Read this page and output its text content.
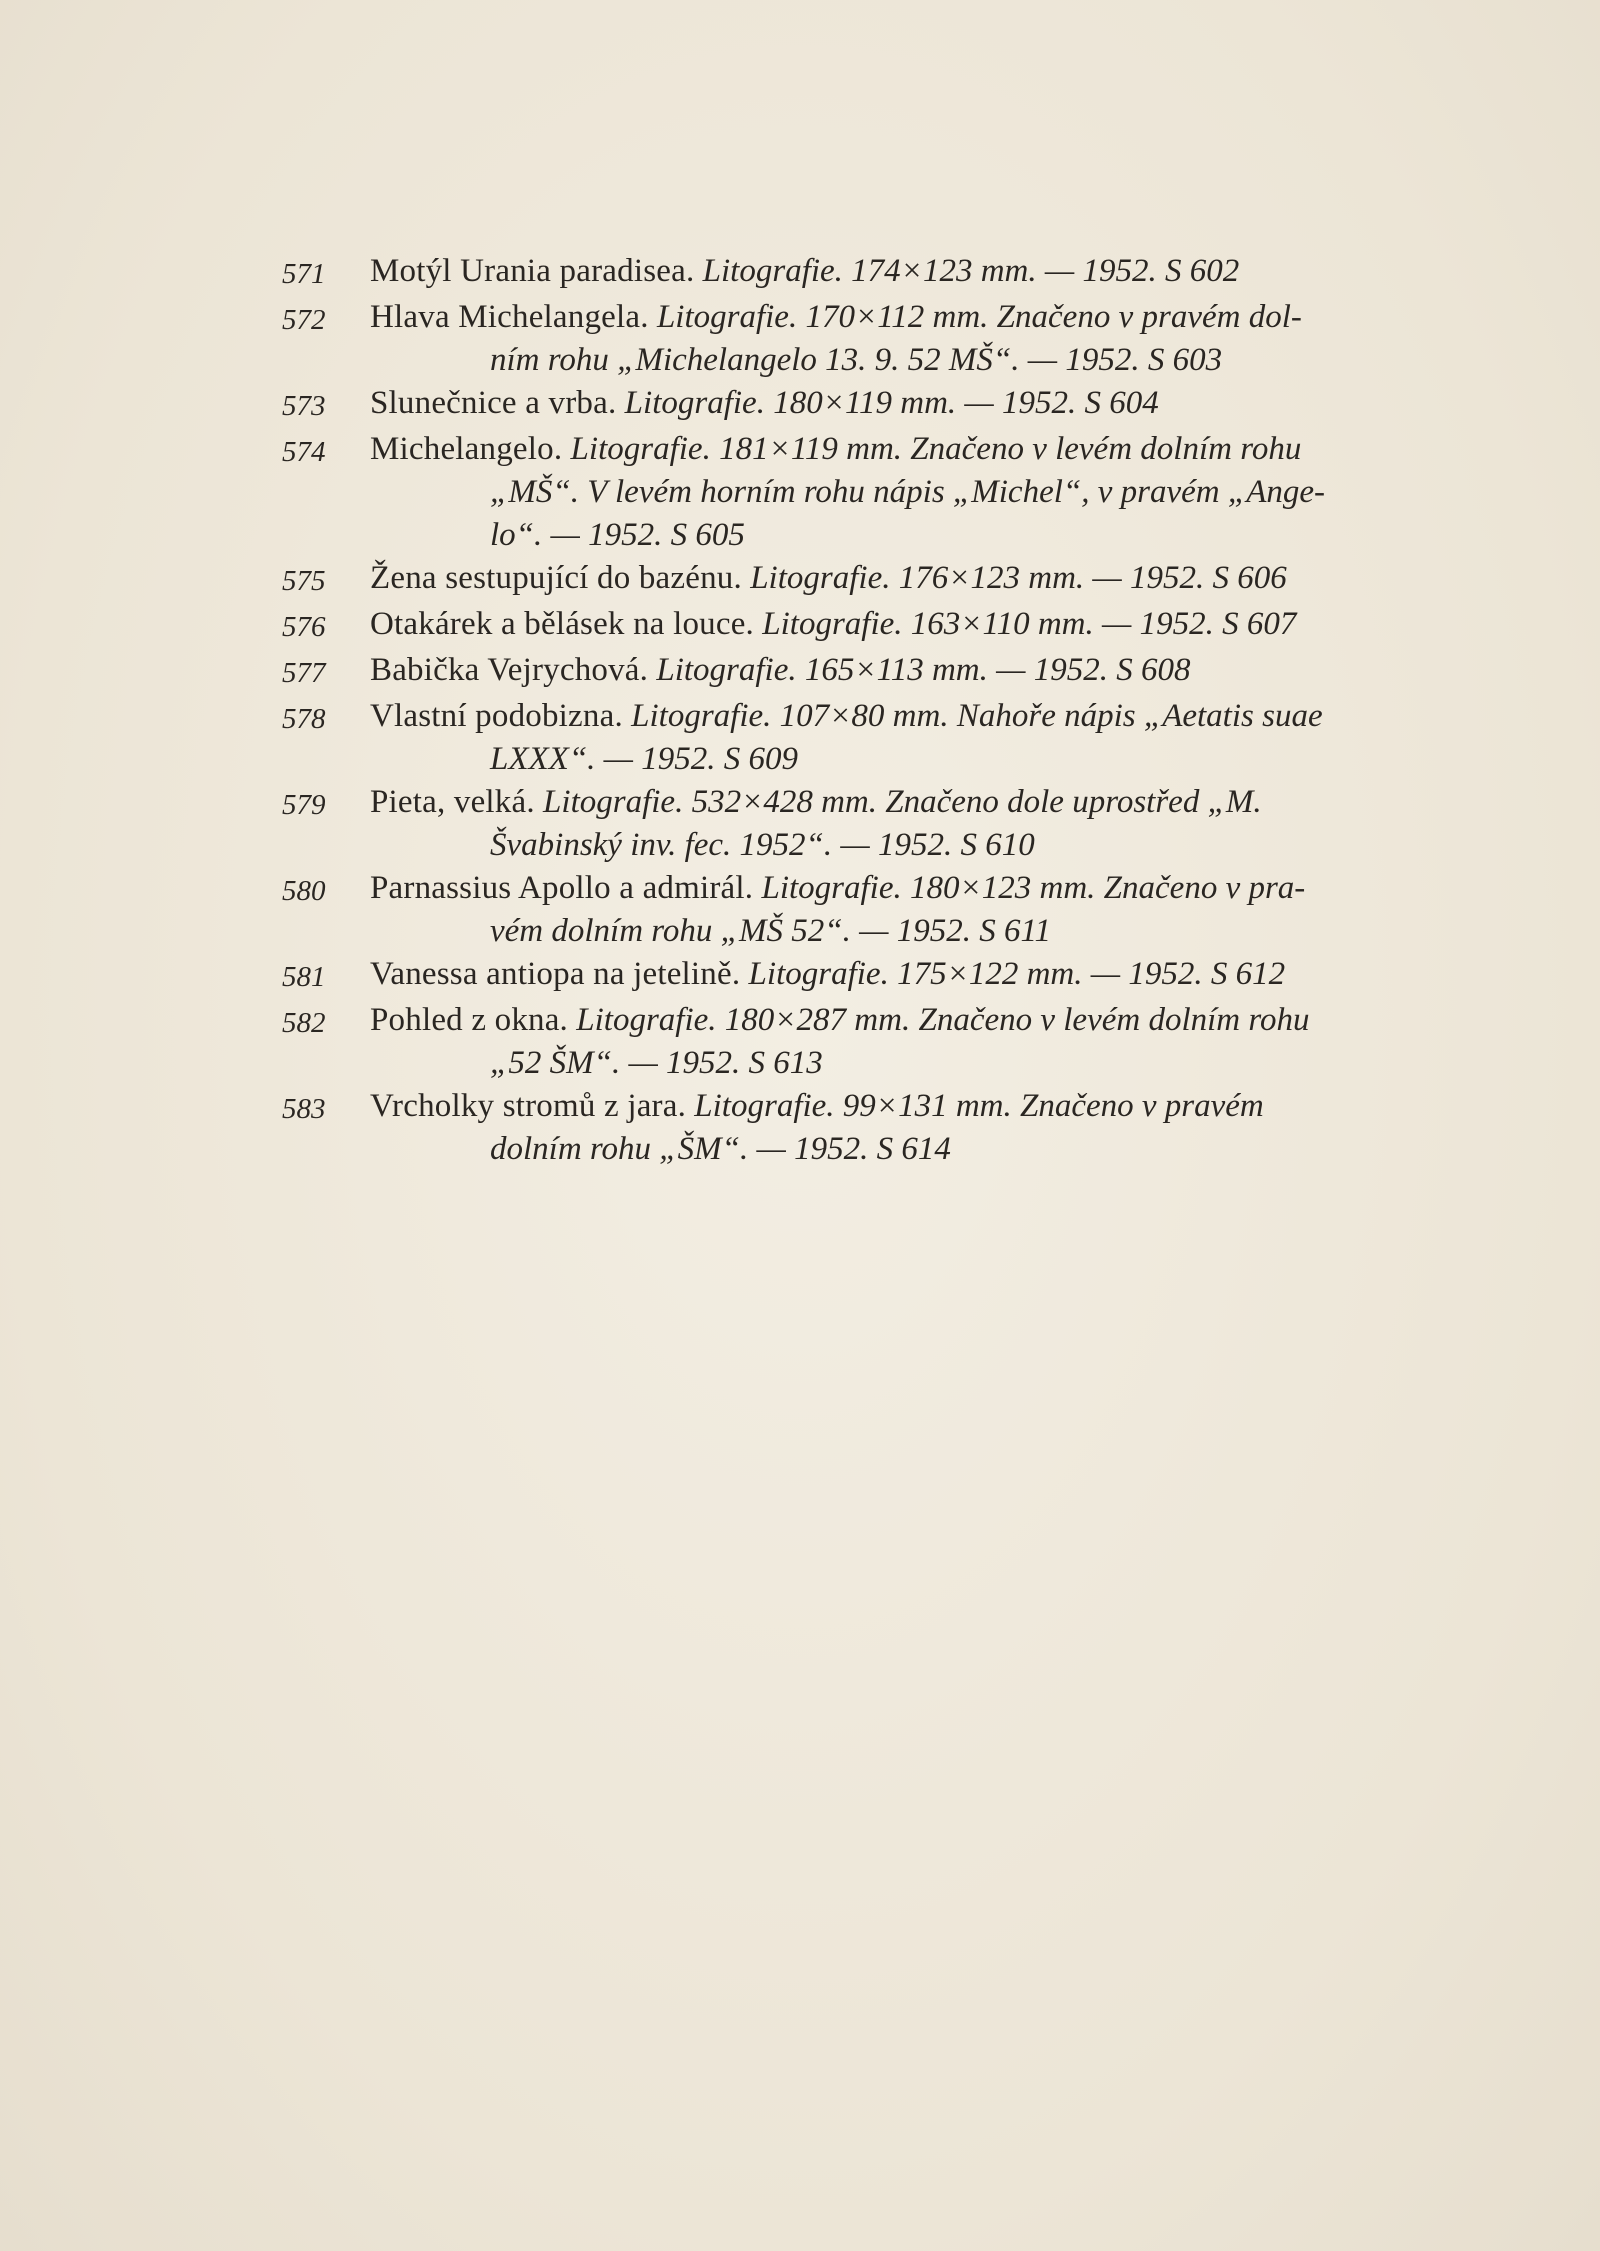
571	Motýl Urania paradisea. Litografie. 174×123 mm. — 1952. S 602
572	Hlava Michelangela. Litografie. 170×112 mm. Značeno v pravém dol-
ním rohu „Michelangelo 13. 9. 52 MŠ“. — 1952. S 603
573	Slunečnice a vrba. Litografie. 180×119 mm. — 1952. S 604
574	Michelangelo. Litografie. 181×119 mm. Značeno v levém dolním rohu
„MŠ“. V levém horním rohu nápis „Michel“, v pravém „Ange-
lo“. — 1952. S 605
575	Žena sestupující do bazénu. Litografie. 176×123 mm. — 1952. S 606
576	Otakárek a bělásek na louce. Litografie. 163×110 mm. — 1952. S 607
577	Babička Vejrychová. Litografie. 165×113 mm. — 1952. S 608
578	Vlastní podobizna. Litografie. 107×80 mm. Nahoře nápis „Aetatis suae
LXXX“. — 1952. S 609
579	Pieta, velká. Litografie. 532×428 mm. Značeno dole uprostřed „M.
Švabinský inv. fec. 1952“. — 1952. S 610
580	Parnassius Apollo a admirál. Litografie. 180×123 mm. Značeno v pra-
vém dolním rohu „MŠ 52“. — 1952. S 611
581	Vanessa antiopa na jetelině. Litografie. 175×122 mm. — 1952. S 612
582	Pohled z okna. Litografie. 180×287 mm. Značeno v levém dolním rohu
„52 ŠM“. — 1952. S 613
583	Vrcholky stromů z jara. Litografie. 99×131 mm. Značeno v pravém
dolním rohu „ŠM“. — 1952. S 614
